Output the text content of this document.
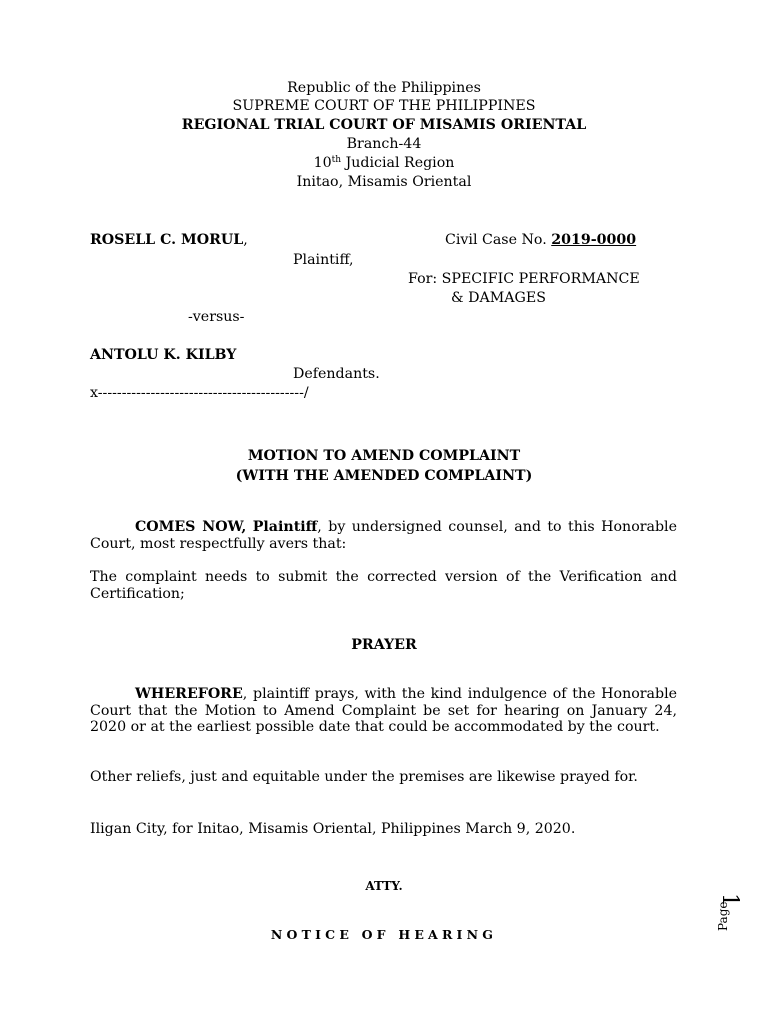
Republic of the Philippines
SUPREME COURT OF THE PHILIPPINES
REGIONAL TRIAL COURT OF MISAMIS ORIENTAL
Branch-44
10th Judicial Region
Initao, Misamis Oriental
ROSELL C. MORUL,	Civil Case No. 2019-0000
Plaintiff,
For: SPECIFIC PERFORMANCE
& DAMAGES
-versus-
ANTOLU K. KILBY
Defendants.
x-------------------------------------------/
MOTION TO AMEND COMPLAINT
(WITH THE AMENDED COMPLAINT)
COMES NOW, Plaintiff, by undersigned counsel, and to this Honorable Court, most respectfully avers that:
The complaint needs to submit the corrected version of the Verification and Certification;
PRAYER
WHEREFORE, plaintiff prays, with the kind indulgence of the Honorable Court that the Motion to Amend Complaint be set for hearing on January 24, 2020 or at the earliest possible date that could be accommodated by the court.
Other reliefs, just and equitable under the premises are likewise prayed for.
Iligan City, for Initao, Misamis Oriental, Philippines March 9, 2020.
ATTY.
NOTICE OF HEARING
Page
1
